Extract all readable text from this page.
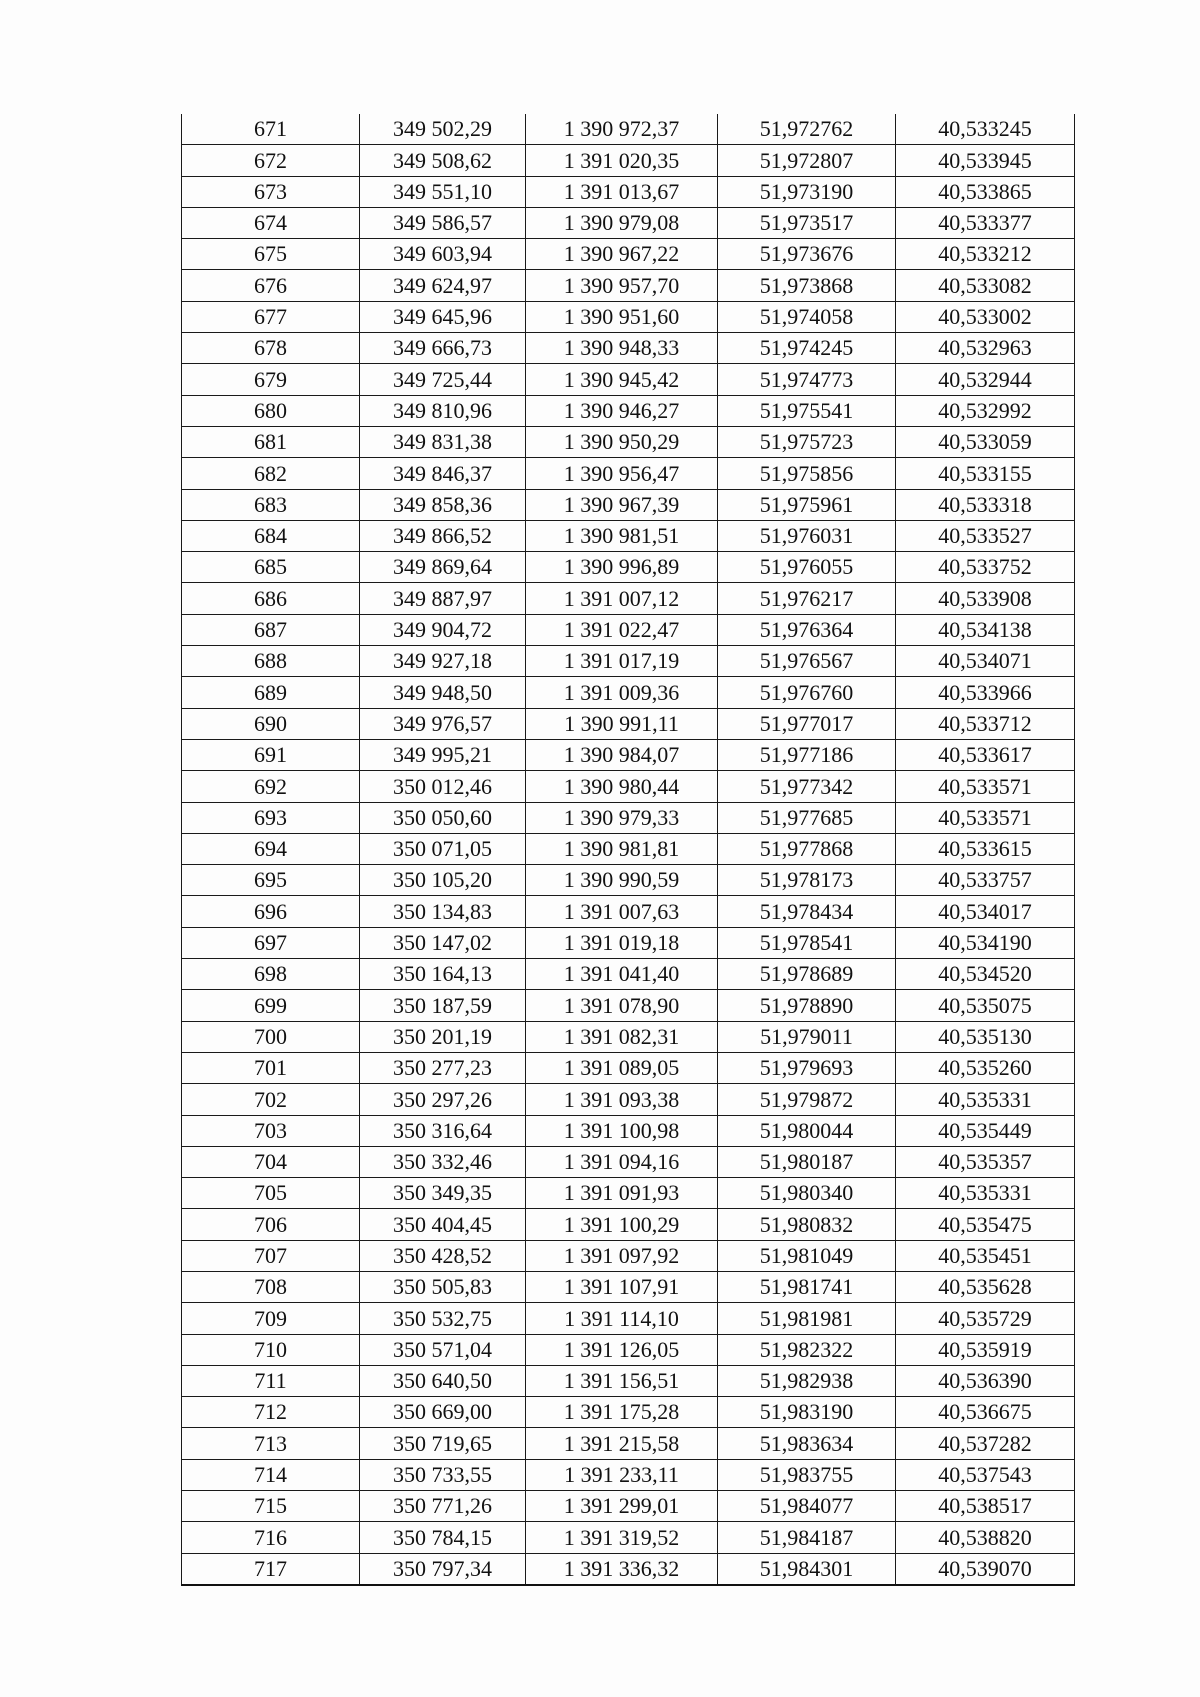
671	349 502,29	1 390 972,37	51,972762	40,533245
672	349 508,62	1 391 020,35	51,972807	40,533945
673	349 551,10	1 391 013,67	51,973190	40,533865
674	349 586,57	1 390 979,08	51,973517	40,533377
675	349 603,94	1 390 967,22	51,973676	40,533212
676	349 624,97	1 390 957,70	51,973868	40,533082
677	349 645,96	1 390 951,60	51,974058	40,533002
678	349 666,73	1 390 948,33	51,974245	40,532963
679	349 725,44	1 390 945,42	51,974773	40,532944
680	349 810,96	1 390 946,27	51,975541	40,532992
681	349 831,38	1 390 950,29	51,975723	40,533059
682	349 846,37	1 390 956,47	51,975856	40,533155
683	349 858,36	1 390 967,39	51,975961	40,533318
684	349 866,52	1 390 981,51	51,976031	40,533527
685	349 869,64	1 390 996,89	51,976055	40,533752
686	349 887,97	1 391 007,12	51,976217	40,533908
687	349 904,72	1 391 022,47	51,976364	40,534138
688	349 927,18	1 391 017,19	51,976567	40,534071
689	349 948,50	1 391 009,36	51,976760	40,533966
690	349 976,57	1 390 991,11	51,977017	40,533712
691	349 995,21	1 390 984,07	51,977186	40,533617
692	350 012,46	1 390 980,44	51,977342	40,533571
693	350 050,60	1 390 979,33	51,977685	40,533571
694	350 071,05	1 390 981,81	51,977868	40,533615
695	350 105,20	1 390 990,59	51,978173	40,533757
696	350 134,83	1 391 007,63	51,978434	40,534017
697	350 147,02	1 391 019,18	51,978541	40,534190
698	350 164,13	1 391 041,40	51,978689	40,534520
699	350 187,59	1 391 078,90	51,978890	40,535075
700	350 201,19	1 391 082,31	51,979011	40,535130
701	350 277,23	1 391 089,05	51,979693	40,535260
702	350 297,26	1 391 093,38	51,979872	40,535331
703	350 316,64	1 391 100,98	51,980044	40,535449
704	350 332,46	1 391 094,16	51,980187	40,535357
705	350 349,35	1 391 091,93	51,980340	40,535331
706	350 404,45	1 391 100,29	51,980832	40,535475
707	350 428,52	1 391 097,92	51,981049	40,535451
708	350 505,83	1 391 107,91	51,981741	40,535628
709	350 532,75	1 391 114,10	51,981981	40,535729
710	350 571,04	1 391 126,05	51,982322	40,535919
711	350 640,50	1 391 156,51	51,982938	40,536390
712	350 669,00	1 391 175,28	51,983190	40,536675
713	350 719,65	1 391 215,58	51,983634	40,537282
714	350 733,55	1 391 233,11	51,983755	40,537543
715	350 771,26	1 391 299,01	51,984077	40,538517
716	350 784,15	1 391 319,52	51,984187	40,538820
717	350 797,34	1 391 336,32	51,984301	40,539070
